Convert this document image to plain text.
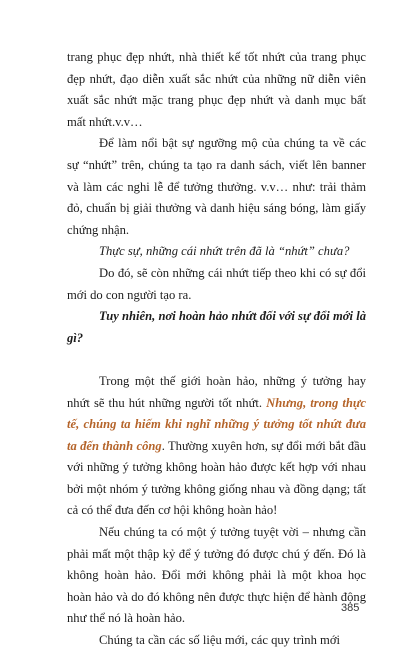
trang phục đẹp nhứt, nhà thiết kế tốt nhứt của trang phục đẹp nhứt, đạo diễn xuất sắc nhứt của những nữ diễn viên xuất sắc nhứt mặc trang phục đẹp nhứt và danh mục bất mất nhứt.v.v…

Để làm nổi bật sự ngưỡng mộ của chúng ta về các sự “nhứt” trên, chúng ta tạo ra danh sách, viết lên banner và làm các nghi lễ để tưởng thưởng. v.v… như: trải thảm đỏ, chuẩn bị giải thưởng và danh hiệu sáng bóng, làm giấy chứng nhận.

Thực sự, những cái nhứt trên đã là “nhứt” chưa?

Do đó, sẽ còn những cái nhứt tiếp theo khi có sự đổi mới do con người tạo ra.

Tuy nhiên, nơi hoàn hảo nhứt đối với sự đổi mới là gì?

Trong một thế giới hoàn hảo, những ý tưởng hay nhứt sẽ thu hút những người tốt nhứt. Nhưng, trong thực tế, chúng ta hiếm khi nghĩ những ý tưởng tốt nhứt đưa ta đến thành công. Thường xuyên hơn, sự đổi mới bắt đầu với những ý tưởng không hoàn hảo được kết hợp với nhau bởi một nhóm ý tưởng không giống nhau và đồng dạng; tất cả có thể đưa đến cơ hội không hoàn hảo!

Nếu chúng ta có một ý tưởng tuyệt vời – nhưng cần phải mất một thập kỷ để ý tưởng đó được chú ý đến. Đó là không hoàn hảo. Đổi mới không phải là một khoa học hoàn hảo và do đó không nên được thực hiện để hành động như thể nó là hoàn hảo.

Chúng ta cần các số liệu mới, các quy trình mới

385
